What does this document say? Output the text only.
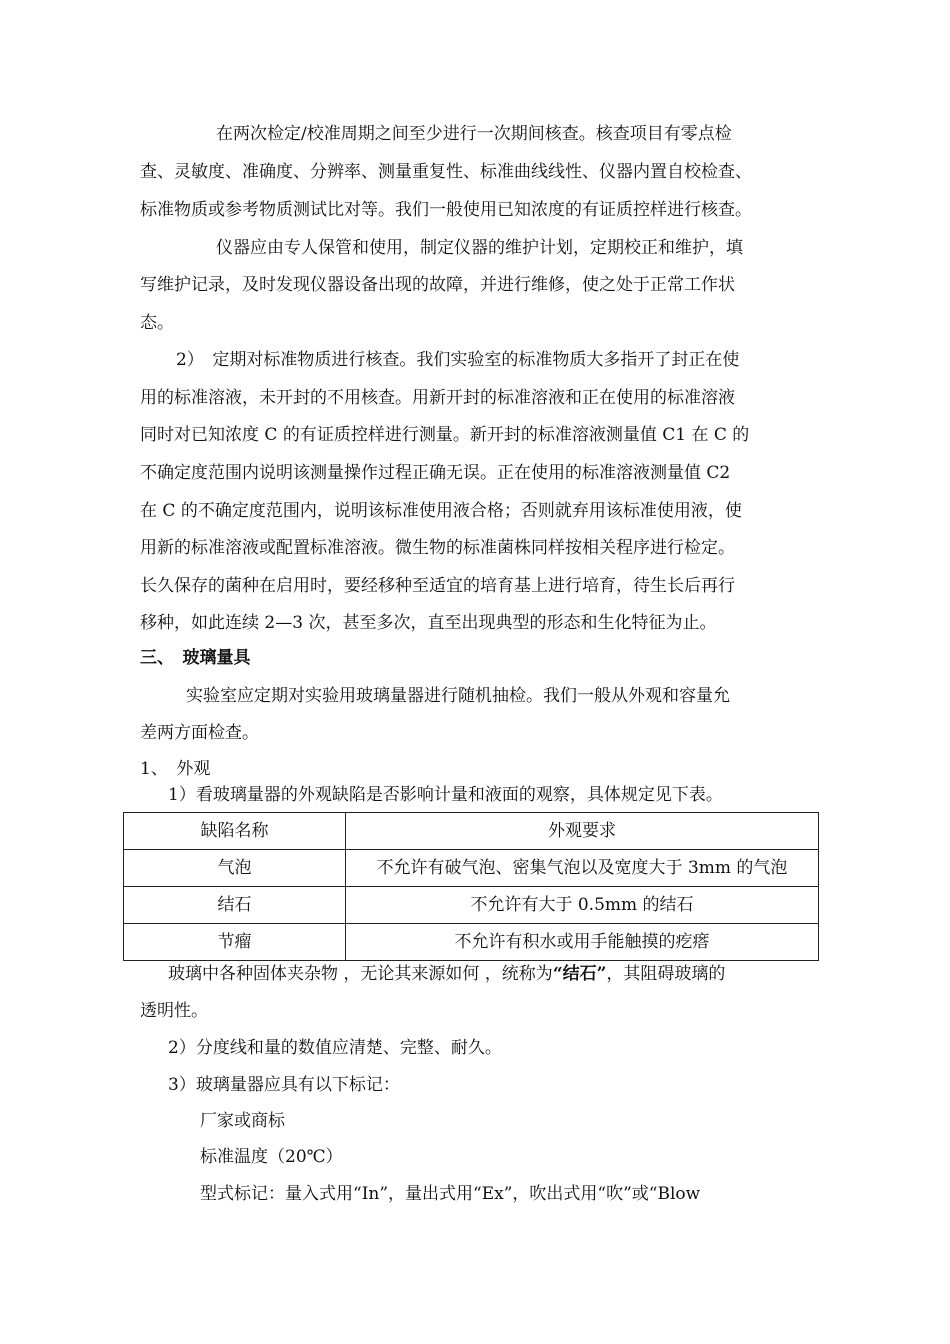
在两次检定/校准周期之间至少进行一次期间核查。核查项目有零点检
查、灵敏度、准确度、分辨率、测量重复性、标准曲线线性、仪器内置自校检查、
标准物质或参考物质测试比对等。我们一般使用已知浓度的有证质控样进行核查。
仪器应由专人保管和使用，制定仪器的维护计划，定期校正和维护，填
写维护记录，及时发现仪器设备出现的故障，并进行维修，使之处于正常工作状
态。
2）　定期对标准物质进行核查。我们实验室的标准物质大多指开了封正在使
用的标准溶液，未开封的不用核查。用新开封的标准溶液和正在使用的标准溶液
同时对已知浓度 C 的有证质控样进行测量。新开封的标准溶液测量值 C1 在 C 的
不确定度范围内说明该测量操作过程正确无误。正在使用的标准溶液测量值 C2
在 C 的不确定度范围内，说明该标准使用液合格；否则就弃用该标准使用液，使
用新的标准溶液或配置标准溶液。微生物的标准菌株同样按相关程序进行检定。
长久保存的菌种在启用时，要经移种至适宜的培育基上进行培育，待生长后再行
移种，如此连续 2—3 次，甚至多次，直至出现典型的形态和生化特征为止。
三、　玻璃量具
实验室应定期对实验用玻璃量器进行随机抽检。我们一般从外观和容量允
差两方面检查。
1、　外观
1）看玻璃量器的外观缺陷是否影响计量和液面的观察，具体规定见下表。
缺陷名称	外观要求
气泡	不允许有破气泡、密集气泡以及宽度大于 3mm 的气泡
结石	不允许有大于 0.5mm 的结石
节瘤	不允许有积水或用手能触摸的疙瘩
玻璃中各种固体夹杂物 ，无论其来源如何 ，统称为“结石”，其阻碍玻璃的
透明性。
2）分度线和量的数值应清楚、完整、耐久。
3）玻璃量器应具有以下标记：
厂家或商标
标准温度（20℃）
型式标记：量入式用“In”，量出式用“Ex”，吹出式用“吹”或“Blow
